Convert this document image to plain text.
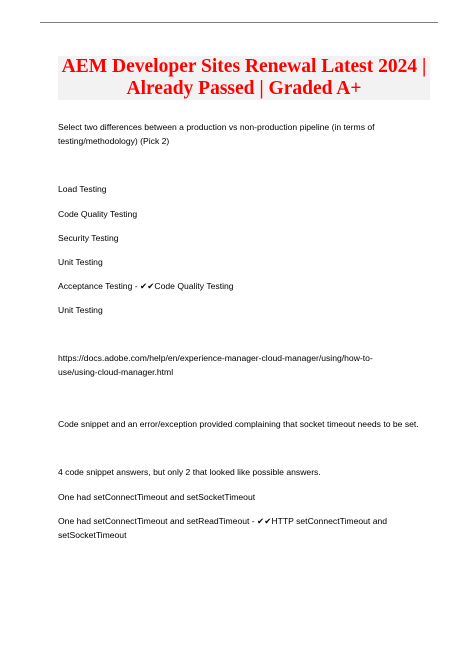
AEM Developer Sites Renewal Latest 2024 |
Already Passed | Graded A+

Select two differences between a production vs non-production pipeline (in terms of testing/methodology) (Pick 2)

Load Testing

Code Quality Testing

Security Testing

Unit Testing

Acceptance Testing - ✔✔Code Quality Testing

Unit Testing

https://docs.adobe.com/help/en/experience-manager-cloud-manager/using/how-to-
use/using-cloud-manager.html

Code snippet and an error/exception provided complaining that socket timeout needs to be set.

4 code snippet answers, but only 2 that looked like possible answers.

One had setConnectTimeout and setSocketTimeout

One had setConnectTimeout and setReadTimeout - ✔✔HTTP setConnectTimeout and
setSocketTimeout
